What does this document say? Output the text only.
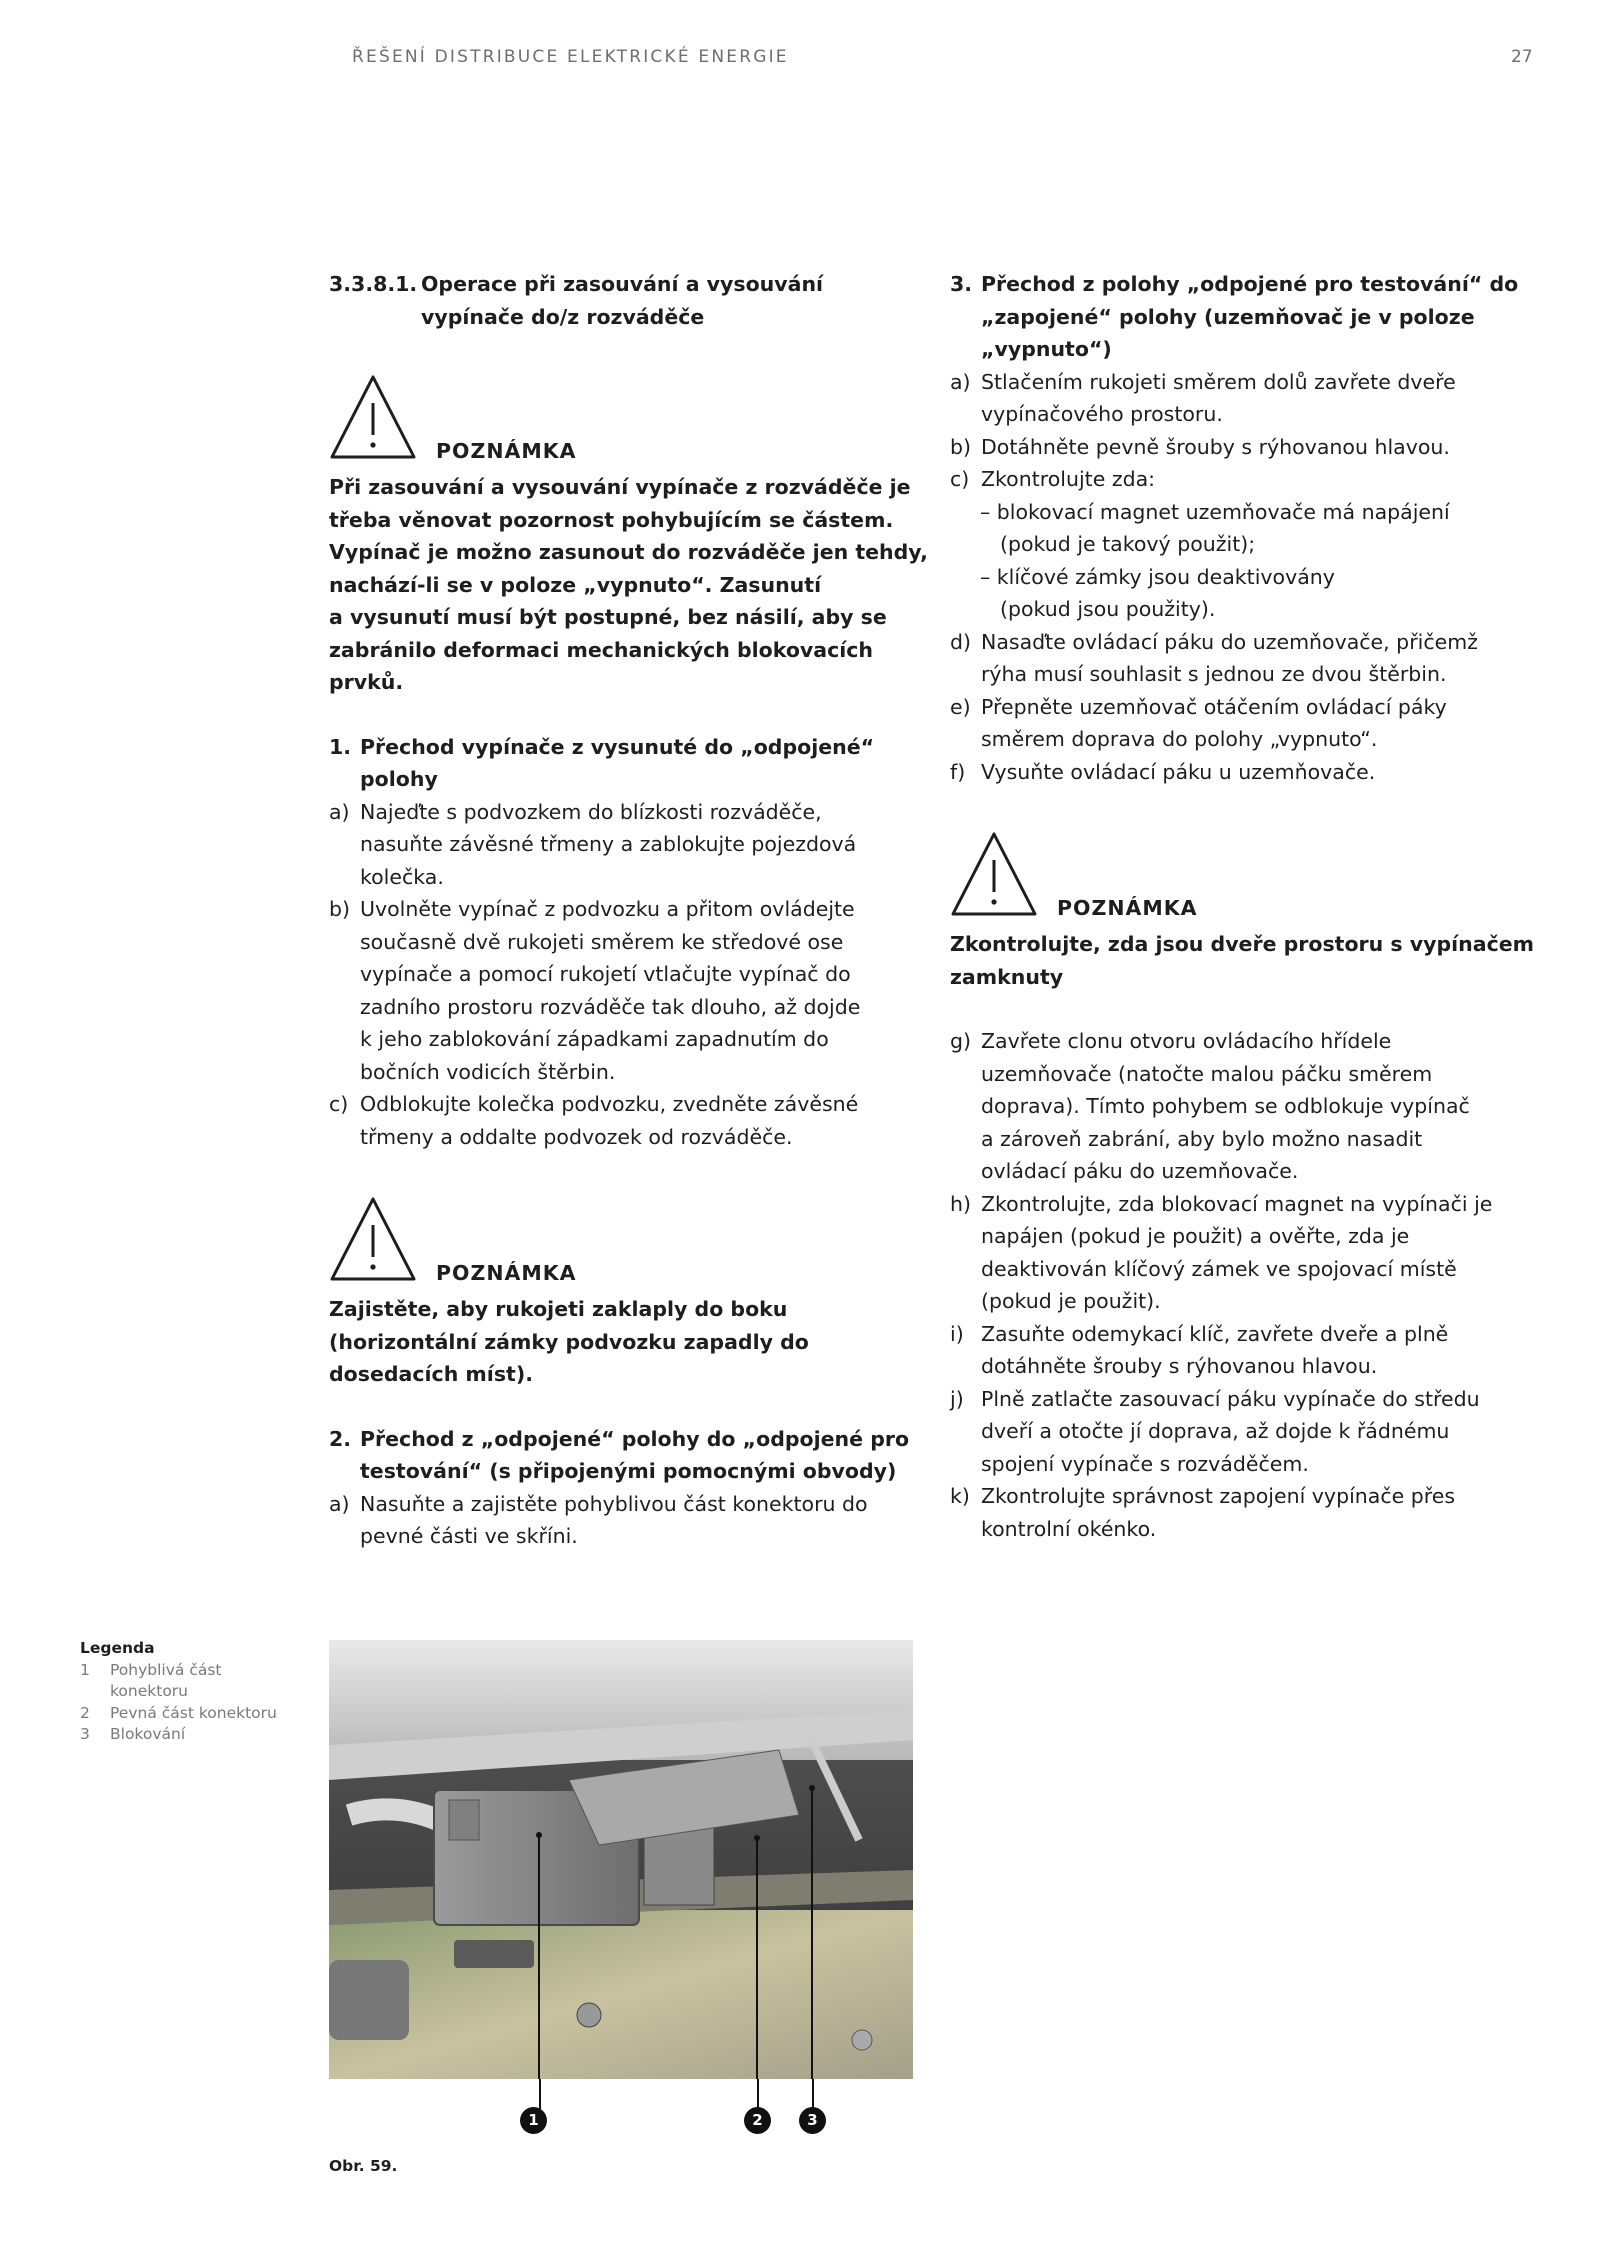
ŘEŠENÍ DISTRIBUCE ELEKTRICKÉ ENERGIE	27
3.3.8.1. Operace při zasouvání a vysouvání
vypínače do/z rozváděče
POZNÁMKA
Při zasouvání a vysouvání vypínače z rozváděče je
třeba věnovat pozornost pohybujícím se částem.
Vypínač je možno zasunout do rozváděče jen tehdy,
nachází-li se v poloze „vypnuto“. Zasunutí
a vysunutí musí být postupné, bez násilí, aby se
zabránilo deformaci mechanických blokovacích
prvků.
1. Přechod vypínače z vysunuté do „odpojené“
polohy
a) Najeďte s podvozkem do blízkosti rozváděče,
nasuňte závěsné třmeny a zablokujte pojezdová
kolečka.
b) Uvolněte vypínač z podvozku a přitom ovládejte
současně dvě rukojeti směrem ke středové ose
vypínače a pomocí rukojetí vtlačujte vypínač do
zadního prostoru rozváděče tak dlouho, až dojde
k jeho zablokování západkami zapadnutím do
bočních vodicích štěrbin.
c) Odblokujte kolečka podvozku, zvedněte závěsné
třmeny a oddalte podvozek od rozváděče.
POZNÁMKA
Zajistěte, aby rukojeti zaklaply do boku
(horizontální zámky podvozku zapadly do
dosedacích míst).
2. Přechod z „odpojené“ polohy do „odpojené pro
testování“ (s připojenými pomocnými obvody)
a) Nasuňte a zajistěte pohyblivou část konektoru do
pevné části ve skříni.
3. Přechod z polohy „odpojené pro testování“ do
„zapojené“ polohy (uzemňovač je v poloze
„vypnuto“)
a) Stlačením rukojeti směrem dolů zavřete dveře
vypínačového prostoru.
b) Dotáhněte pevně šrouby s rýhovanou hlavou.
c) Zkontrolujte zda:
– blokovací magnet uzemňovače má napájení
(pokud je takový použit);
– klíčové zámky jsou deaktivovány
(pokud jsou použity).
d) Nasaďte ovládací páku do uzemňovače, přičemž
rýha musí souhlasit s jednou ze dvou štěrbin.
e) Přepněte uzemňovač otáčením ovládací páky
směrem doprava do polohy „vypnuto“.
f) Vysuňte ovládací páku u uzemňovače.
POZNÁMKA
Zkontrolujte, zda jsou dveře prostoru s vypínačem
zamknuty
g) Zavřete clonu otvoru ovládacího hřídele
uzemňovače (natočte malou páčku směrem
doprava). Tímto pohybem se odblokuje vypínač
a zároveň zabrání, aby bylo možno nasadit
ovládací páku do uzemňovače.
h) Zkontrolujte, zda blokovací magnet na vypínači je
napájen (pokud je použit) a ověřte, zda je
deaktivován klíčový zámek ve spojovací místě
(pokud je použit).
i) Zasuňte odemykací klíč, zavřete dveře a plně
dotáhněte šrouby s rýhovanou hlavou.
j) Plně zatlačte zasouvací páku vypínače do středu
dveří a otočte jí doprava, až dojde k řádnému
spojení vypínače s rozváděčem.
k) Zkontrolujte správnost zapojení vypínače přes
kontrolní okénko.
Legenda
1	Pohyblivá část
konektoru
2	Pevná část konektoru
3	Blokování
1	2	3
Obr. 59.
